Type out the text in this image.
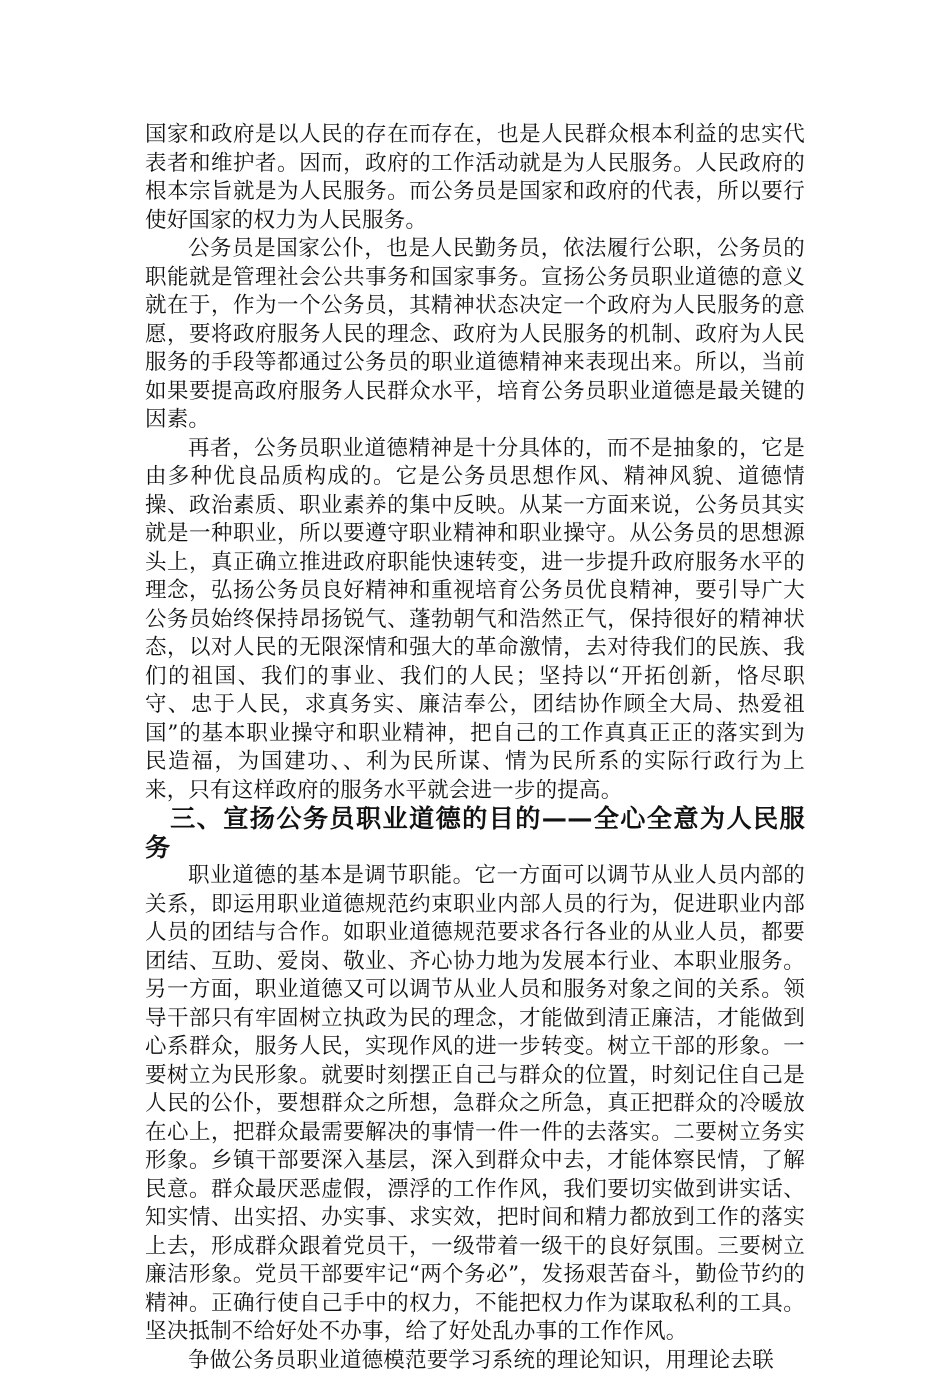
国家和政府是以人民的存在而存在，也是人民群众根本利益的忠实代表者和维护者。因而，政府的工作活动就是为人民服务。人民政府的根本宗旨就是为人民服务。而公务员是国家和政府的代表，所以要行使好国家的权力为人民服务。

公务员是国家公仆，也是人民勤务员，依法履行公职，公务员的职能就是管理社会公共事务和国家事务。宣扬公务员职业道德的意义就在于，作为一个公务员，其精神状态决定一个政府为人民服务的意愿，要将政府服务人民的理念、政府为人民服务的机制、政府为人民服务的手段等都通过公务员的职业道德精神来表现出来。所以，当前如果要提高政府服务人民群众水平，培育公务员职业道德是最关键的因素。

再者，公务员职业道德精神是十分具体的，而不是抽象的，它是由多种优良品质构成的。它是公务员思想作风、精神风貌、道德情操、政治素质、职业素养的集中反映。从某一方面来说，公务员其实就是一种职业，所以要遵守职业精神和职业操守。从公务员的思想源头上，真正确立推进政府职能快速转变，进一步提升政府服务水平的理念，弘扬公务员良好精神和重视培育公务员优良精神，要引导广大公务员始终保持昂扬锐气、蓬勃朝气和浩然正气，保持很好的精神状态，以对人民的无限深情和强大的革命激情，去对待我们的民族、我们的祖国、我们的事业、我们的人民；坚持以“开拓创新，恪尽职守、忠于人民，求真务实、廉洁奉公，团结协作顾全大局、热爱祖国”的基本职业操守和职业精神，把自己的工作真真正正的落实到为民造福，为国建功、、利为民所谋、情为民所系的实际行政行为上来，只有这样政府的服务水平就会进一步的提高。

三、宣扬公务员职业道德的目的——全心全意为人民服务

职业道德的基本是调节职能。它一方面可以调节从业人员内部的关系，即运用职业道德规范约束职业内部人员的行为，促进职业内部人员的团结与合作。如职业道德规范要求各行各业的从业人员，都要团结、互助、爱岗、敬业、齐心协力地为发展本行业、本职业服务。另一方面，职业道德又可以调节从业人员和服务对象之间的关系。领导干部只有牢固树立执政为民的理念，才能做到清正廉洁，才能做到心系群众，服务人民，实现作风的进一步转变。树立干部的形象。一要树立为民形象。就要时刻摆正自己与群众的位置，时刻记住自己是人民的公仆，要想群众之所想，急群众之所急，真正把群众的冷暖放在心上，把群众最需要解决的事情一件一件的去落实。二要树立务实形象。乡镇干部要深入基层，深入到群众中去，才能体察民情，了解民意。群众最厌恶虚假，漂浮的工作作风，我们要切实做到讲实话、知实情、出实招、办实事、求实效，把时间和精力都放到工作的落实上去，形成群众跟着党员干，一级带着一级干的良好氛围。三要树立廉洁形象。党员干部要牢记“两个务必”，发扬艰苦奋斗，勤俭节约的精神。正确行使自己手中的权力，不能把权力作为谋取私利的工具。坚决抵制不给好处不办事，给了好处乱办事的工作作风。

争做公务员职业道德模范要学习系统的理论知识，用理论去联
